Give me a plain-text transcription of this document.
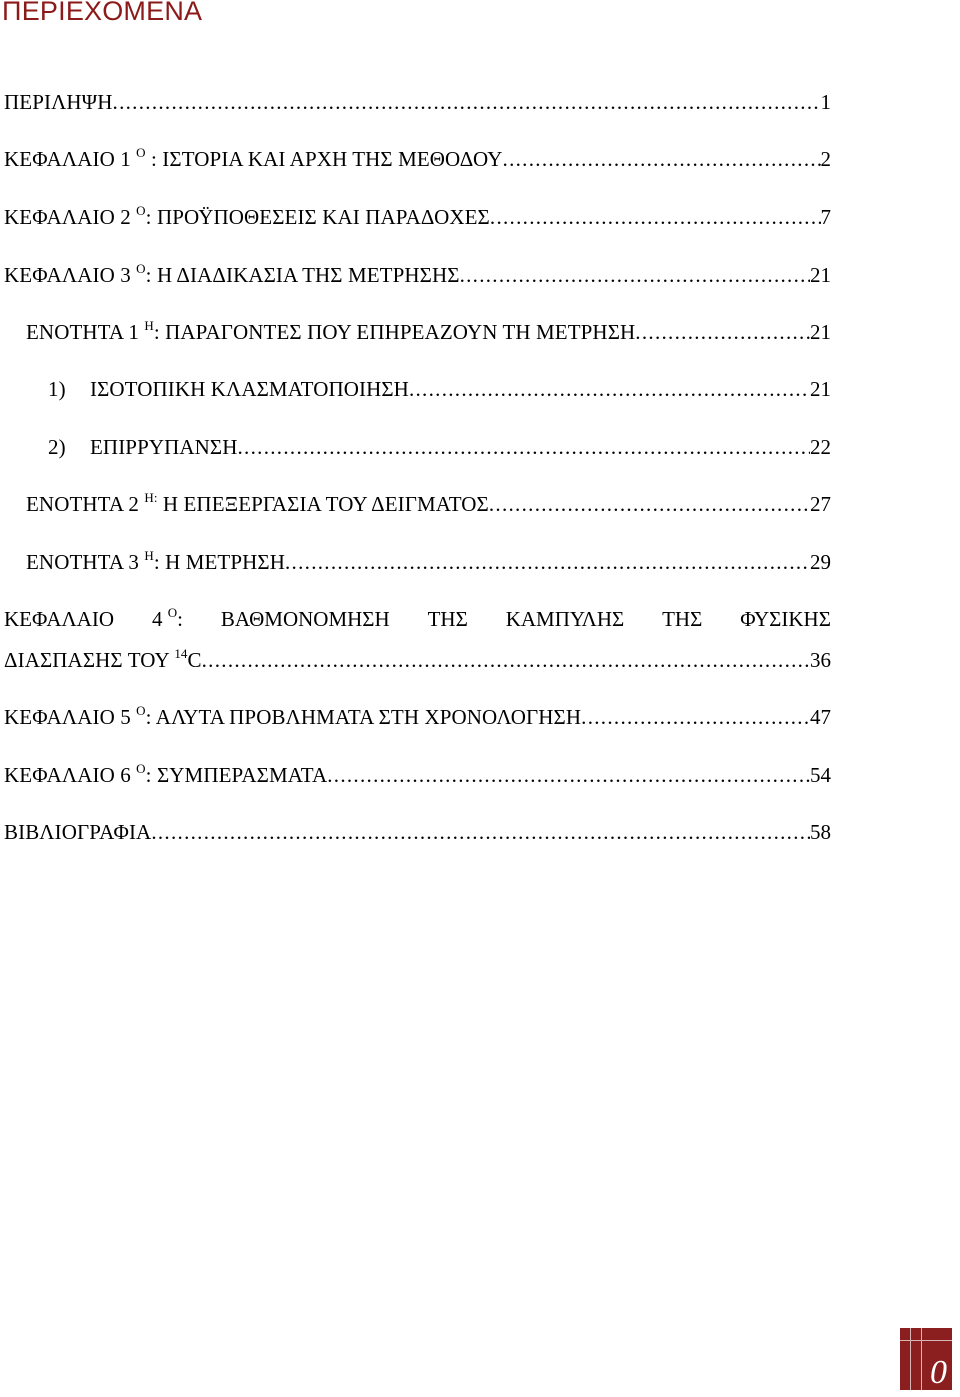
ΠΕΡΙΕΧΟΜΕΝΑ
ΠΕΡΙΛΗΨΗ .....	1
ΚΕΦΑΛΑΙΟ 1 $^O$ : ΙΣΤΟΡΙΑ ΚΑΙ ΑΡΧΗ ΤΗΣ ΜΕΘΟΔΟΥ .....	2
ΚΕΦΑΛΑΙΟ 2 $^O$: ΠΡΟΫΠΟΘΕΣΕΙΣ ΚΑΙ ΠΑΡΑΔΟΧΕΣ .....	7
ΚΕΦΑΛΑΙΟ 3 $^O$: Η ΔΙΑΔΙΚΑΣΙΑ ΤΗΣ ΜΕΤΡΗΣΗΣ .....	21
ΕΝΟΤΗΤΑ 1 $^H$: ΠΑΡΑΓΟΝΤΕΣ ΠΟΥ ΕΠΗΡΕΑΖΟΥΝ ΤΗ ΜΕΤΡΗΣΗ .....	21
1) ΙΣΟΤΟΠΙΚΗ ΚΛΑΣΜΑΤΟΠΟΙΗΣΗ .....	21
2) ΕΠΙΡΡΥΠΑΝΣΗ .....	22
ΕΝΟΤΗΤΑ 2 $^{H:}$ Η ΕΠΕΞΕΡΓΑΣΙΑ ΤΟΥ ΔΕΙΓΜΑΤΟΣ .....	27
ΕΝΟΤΗΤΑ 3 $^H$: Η ΜΕΤΡΗΣΗ .....	29
ΚΕΦΑΛΑΙΟ 4 $^O$: ΒΑΘΜΟΝΟΜΗΣΗ ΤΗΣ ΚΑΜΠΥΛΗΣ ΤΗΣ ΦΥΣΙΚΗΣ
ΔΙΑΣΠΑΣΗΣ ΤΟΥ $^{14}$C .....	36
ΚΕΦΑΛΑΙΟ 5 $^O$: ΑΛΥΤΑ ΠΡΟΒΛΗΜΑΤΑ ΣΤΗ ΧΡΟΝΟΛΟΓΗΣΗ .....	47
ΚΕΦΑΛΑΙΟ 6 $^O$: ΣΥΜΠΕΡΑΣΜΑΤΑ .....	54
ΒΙΒΛΙΟΓΡΑΦΙΑ .....	58
0
